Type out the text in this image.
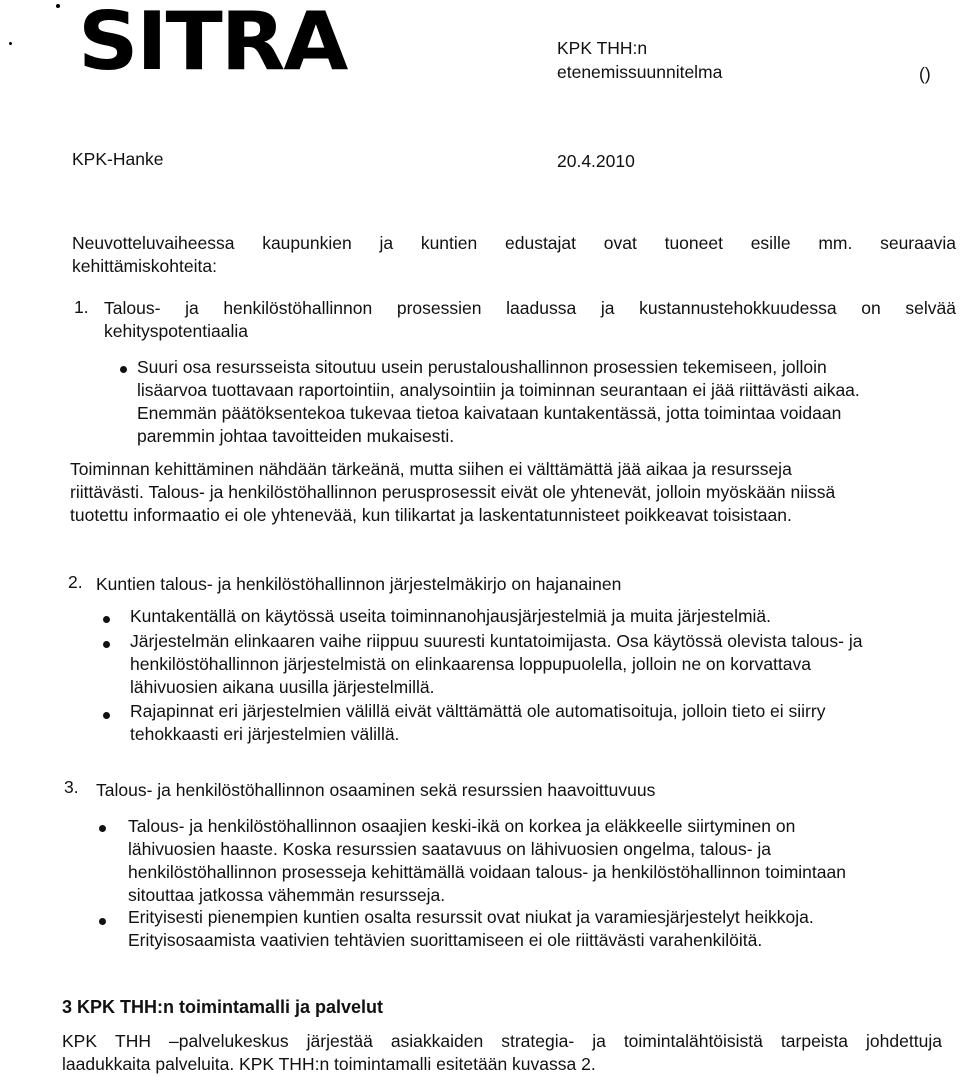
SITRA	KPK THH:n
etenemissuunnitelma	()
KPK-Hanke	20.4.2010
Neuvotteluvaiheessa kaupunkien ja kuntien edustajat ovat tuoneet esille mm. seuraavia
kehittämiskohteita:
1. Talous- ja henkilöstöhallinnon prosessien laadussa ja kustannustehokkuudessa on selvää
kehityspotentiaalia
Suuri osa resursseista sitoutuu usein perustaloushallinnon prosessien tekemiseen, jolloin
lisäarvoa tuottavaan raportointiin, analysointiin ja toiminnan seurantaan ei jää riittävästi aikaa.
Enemmän päätöksentekoa tukevaa tietoa kaivataan kuntakentässä, jotta toimintaa voidaan
paremmin johtaa tavoitteiden mukaisesti.
Toiminnan kehittäminen nähdään tärkeänä, mutta siihen ei välttämättä jää aikaa ja resursseja
riittävästi. Talous- ja henkilöstöhallinnon perusprosessit eivät ole yhtenevät, jolloin myöskään niissä
tuotettu informaatio ei ole yhtenevää, kun tilikartat ja laskentatunnisteet poikkeavat toisistaan.
2. Kuntien talous- ja henkilöstöhallinnon järjestelmäkirjo on hajanainen
Kuntakentällä on käytössä useita toiminnanohjausjärjestelmiä ja muita järjestelmiä.
Järjestelmän elinkaaren vaihe riippuu suuresti kuntatoimijasta. Osa käytössä olevista talous- ja
henkilöstöhallinnon järjestelmistä on elinkaarensa loppupuolella, jolloin ne on korvattava
lähivuosien aikana uusilla järjestelmillä.
Rajapinnat eri järjestelmien välillä eivät välttämättä ole automatisoituja, jolloin tieto ei siirry
tehokkaasti eri järjestelmien välillä.
3. Talous- ja henkilöstöhallinnon osaaminen sekä resurssien haavoittuvuus
Talous- ja henkilöstöhallinnon osaajien keski-ikä on korkea ja eläkkeelle siirtyminen on
lähivuosien haaste. Koska resurssien saatavuus on lähivuosien ongelma, talous- ja
henkilöstöhallinnon prosesseja kehittämällä voidaan talous- ja henkilöstöhallinnon toimintaan
sitouttaa jatkossa vähemmän resursseja.
Erityisesti pienempien kuntien osalta resurssit ovat niukat ja varamiesjärjestelyt heikkoja.
Erityisosaamista vaativien tehtävien suorittamiseen ei ole riittävästi varahenkilöitä.
3 KPK THH:n toimintamalli ja palvelut
KPK THH –palvelukeskus järjestää asiakkaiden strategia- ja toimintalähtöisistä tarpeista johdettuja
laadukkaita palveluita. KPK THH:n toimintamalli esitetään kuvassa 2.
